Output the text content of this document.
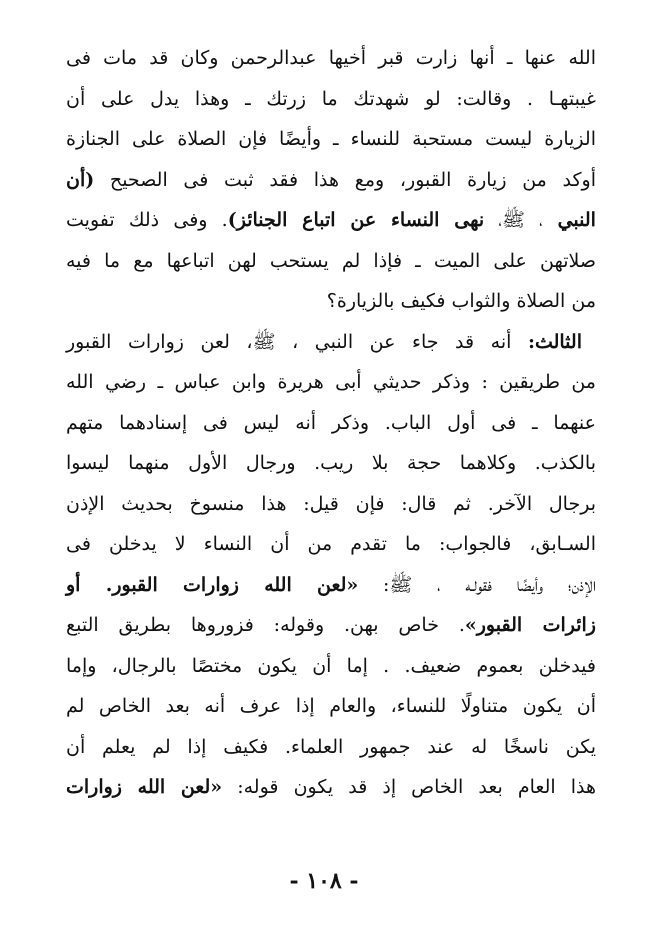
الله عنها ـ أنها زارت قبر أخيها عبدالرحمن وكان قد مات فى
غيبتهـا . وقالت: لو شهدتك ما زرتك ـ وهذا يدل على أن
الزيارة ليست مستحبة للنساء ـ وأيضًا فإن الصلاة على الجنازة
أوكد من زيارة القبور، ومع هذا فقد ثبت فى الصحيح (أن
النبي ، ﷺ، نهى النساء عن اتباع الجنائز). وفى ذلك تفويت
صلاتهن على الميت ـ فإذا لم يستحب لهن اتباعها مع ما فيه
من الصلاة والثواب فكيف بالزيارة؟
الثالث: أنه قد جاء عن النبي ، ﷺ، لعن زوارات القبور
من طريقين : وذكر حديثي أبى هريرة وابن عباس ـ رضي الله
عنهما ـ فى أول الباب. وذكر أنه ليس فى إسنادهما متهم
بالكذب. وكلاهما حجة بلا ريب. ورجال الأول منهما ليسوا
برجال الآخر. ثم قال: فإن قيل: هذا منسوخ بحديث الإذن
السـابق، فالجواب: ما تقدم من أن النساء لا يدخلن فى
الإذن؛ وأيضًا فقولـه ، ﷺ: «لعن الله زوارات القبور. أو
زائرات القبور». خاص بهن. وقوله: فزوروها بطريق التبع
فيدخلن بعموم ضعيف. . إما أن يكون مختصًا بالرجال، وإما
أن يكون متناولًا للنساء، والعام إذا عرف أنه بعد الخاص لم
يكن ناسخًا له عند جمهور العلماء. فكيف إذا لم يعلم أن
هذا العام بعد الخاص إذ قد يكون قوله: «لعن الله زوارات
- ١٠٨ -
